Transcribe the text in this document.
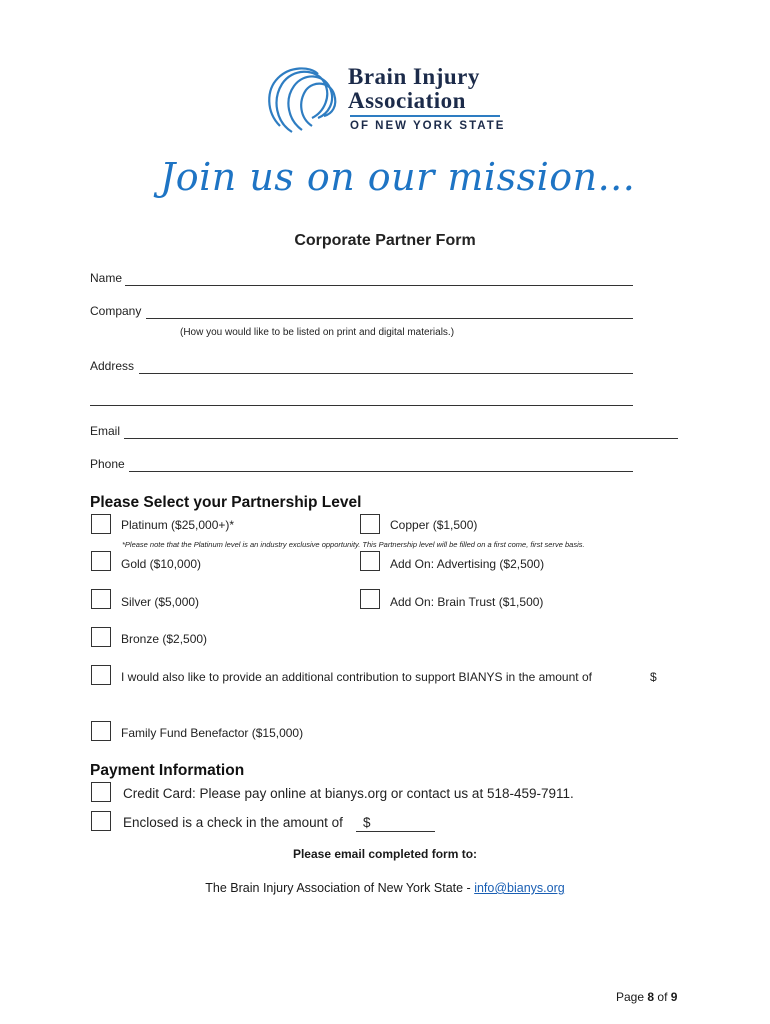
Brain Injury
Association
OF NEW YORK STATE
Join us on our mission...
Corporate Partner Form
Name
Company
(How you would like to be listed on print and digital materials.)
Address
Email
Phone
Please Select your Partnership Level
Platinum ($25,000+)*	Copper ($1,500)
*Please note that the Platinum level is an industry exclusive opportunity. This Partnership level will be filled on a first come, first serve basis.
Gold ($10,000)	Add On: Advertising ($2,500)
Silver ($5,000)	Add On: Brain Trust ($1,500)
Bronze ($2,500)
I would also like to provide an additional contribution to support BIANYS in the amount of	$
Family Fund Benefactor ($15,000)
Payment Information
Credit Card: Please pay online at bianys.org or contact us at 518-459-7911.
Enclosed is a check in the amount of $
Please email completed form to:
The Brain Injury Association of New York State - info@bianys.org
Page 8 of 9
